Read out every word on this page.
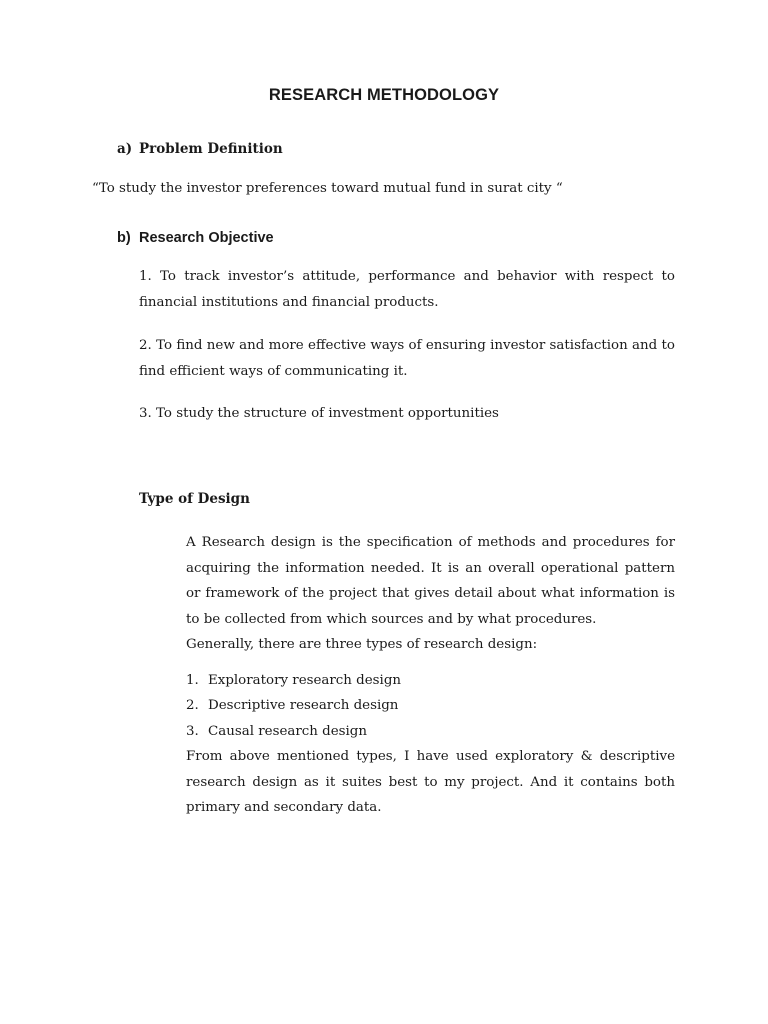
RESEARCH METHODOLOGY
a) Problem Definition

“To study the investor preferences toward mutual fund in surat city “

b) Research Objective

1. To track investor’s attitude, performance and behavior with respect to financial institutions and financial products.

2. To find new and more effective ways of ensuring investor satisfaction and to find efficient ways of communicating it.

3. To study the structure of investment opportunities

Type of Design

A Research design is the specification of methods and procedures for acquiring the information needed. It is an overall operational pattern or framework of the project that gives detail about what information is to be collected from which sources and by what procedures.

Generally, there are three types of research design:

1. Exploratory research design
2. Descriptive research design
3. Causal research design

From above mentioned types, I have used exploratory & descriptive research design as it suites best to my project. And it contains both primary and secondary data.
